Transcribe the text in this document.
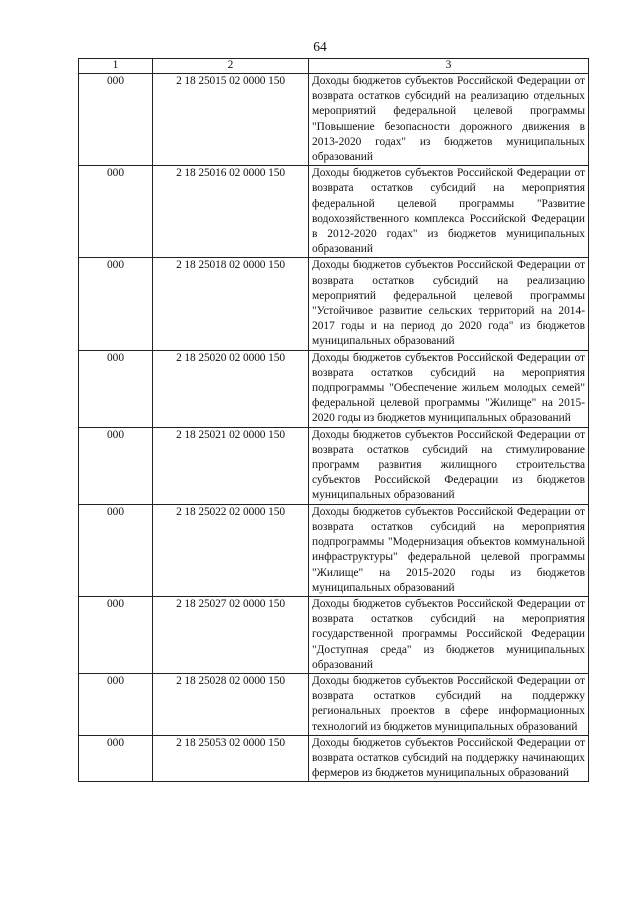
64
1	2	3
000	2 18 25015 02 0000 150	Доходы бюджетов субъектов Российской Федерации от возврата остатков субсидий на реализацию отдельных мероприятий федеральной целевой программы "Повышение безопасности дорожного движения в 2013-2020 годах" из бюджетов муниципальных образований
000	2 18 25016 02 0000 150	Доходы бюджетов субъектов Российской Федерации от возврата остатков субсидий на мероприятия федеральной целевой программы "Развитие водохозяйственного комплекса Российской Федерации в 2012-2020 годах" из бюджетов муниципальных образований
000	2 18 25018 02 0000 150	Доходы бюджетов субъектов Российской Федерации от возврата остатков субсидий на реализацию мероприятий федеральной целевой программы "Устойчивое развитие сельских территорий на 2014-2017 годы и на период до 2020 года" из бюджетов муниципальных образований
000	2 18 25020 02 0000 150	Доходы бюджетов субъектов Российской Федерации от возврата остатков субсидий на мероприятия подпрограммы "Обеспечение жильем молодых семей" федеральной целевой программы "Жилище" на 2015-2020 годы из бюджетов муниципальных образований
000	2 18 25021 02 0000 150	Доходы бюджетов субъектов Российской Федерации от возврата остатков субсидий на стимулирование программ развития жилищного строительства субъектов Российской Федерации из бюджетов муниципальных образований
000	2 18 25022 02 0000 150	Доходы бюджетов субъектов Российской Федерации от возврата остатков субсидий на мероприятия подпрограммы "Модернизация объектов коммунальной инфраструктуры" федеральной целевой программы "Жилище" на 2015-2020 годы из бюджетов муниципальных образований
000	2 18 25027 02 0000 150	Доходы бюджетов субъектов Российской Федерации от возврата остатков субсидий на мероприятия государственной программы Российской Федерации "Доступная среда" из бюджетов муниципальных образований
000	2 18 25028 02 0000 150	Доходы бюджетов субъектов Российской Федерации от возврата остатков субсидий на поддержку региональных проектов в сфере информационных технологий из бюджетов муниципальных образований
000	2 18 25053 02 0000 150	Доходы бюджетов субъектов Российской Федерации от возврата остатков субсидий на поддержку начинающих фермеров из бюджетов муниципальных образований
